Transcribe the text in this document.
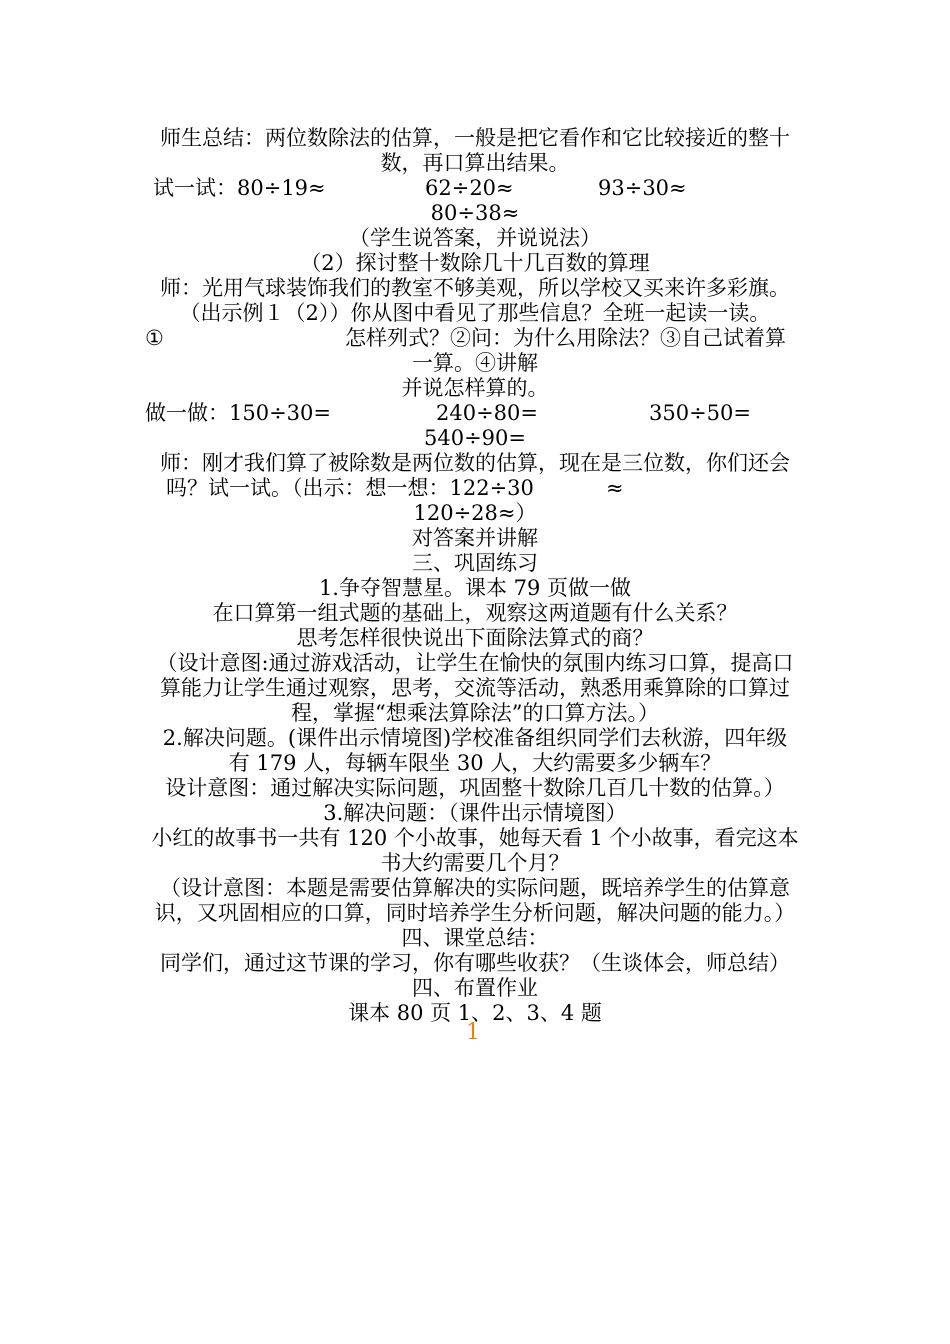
师生总结：两位数除法的估算，一般是把它看作和它比较接近的整十
数，再口算出结果。
试一试：80÷19≈	62÷20≈	93÷30≈
80÷38≈
（学生说答案，并说说法）
（2）探讨整十数除几十几百数的算理
师：光用气球装饰我们的教室不够美观，所以学校又买来许多彩旗。
（出示例１（2））你从图中看见了那些信息？全班一起读一读。
①	怎样列式？②问：为什么用除法？③自己试着算
一算。④讲解
并说怎样算的。
做一做：150÷30=	240÷80=	350÷50=
540÷90=
师：刚才我们算了被除数是两位数的估算，现在是三位数，你们还会
吗？试一试。（出示：想一想：122÷30	≈
120÷28≈）
对答案并讲解
三、巩固练习
1.争夺智慧星。课本 79 页做一做
在口算第一组式题的基础上，观察这两道题有什么关系？
思考怎样很快说出下面除法算式的商？
（设计意图:通过游戏活动，让学生在愉快的氛围内练习口算，提高口
算能力让学生通过观察，思考，交流等活动，熟悉用乘算除的口算过
程，掌握“想乘法算除法”的口算方法。）
2.解决问题。(课件出示情境图)学校准备组织同学们去秋游，四年级
有 179 人，每辆车限坐 30 人，大约需要多少辆车？
设计意图：通过解决实际问题，巩固整十数除几百几十数的估算。）
3.解决问题：（课件出示情境图）
小红的故事书一共有 120 个小故事，她每天看 1 个小故事，看完这本
书大约需要几个月？
（设计意图：本题是需要估算解决的实际问题，既培养学生的估算意
识，又巩固相应的口算，同时培养学生分析问题，解决问题的能力。）
四、课堂总结：
同学们，通过这节课的学习，你有哪些收获？（生谈体会，师总结）
四、布置作业
课本 80 页 1、2、3、4 题
1
